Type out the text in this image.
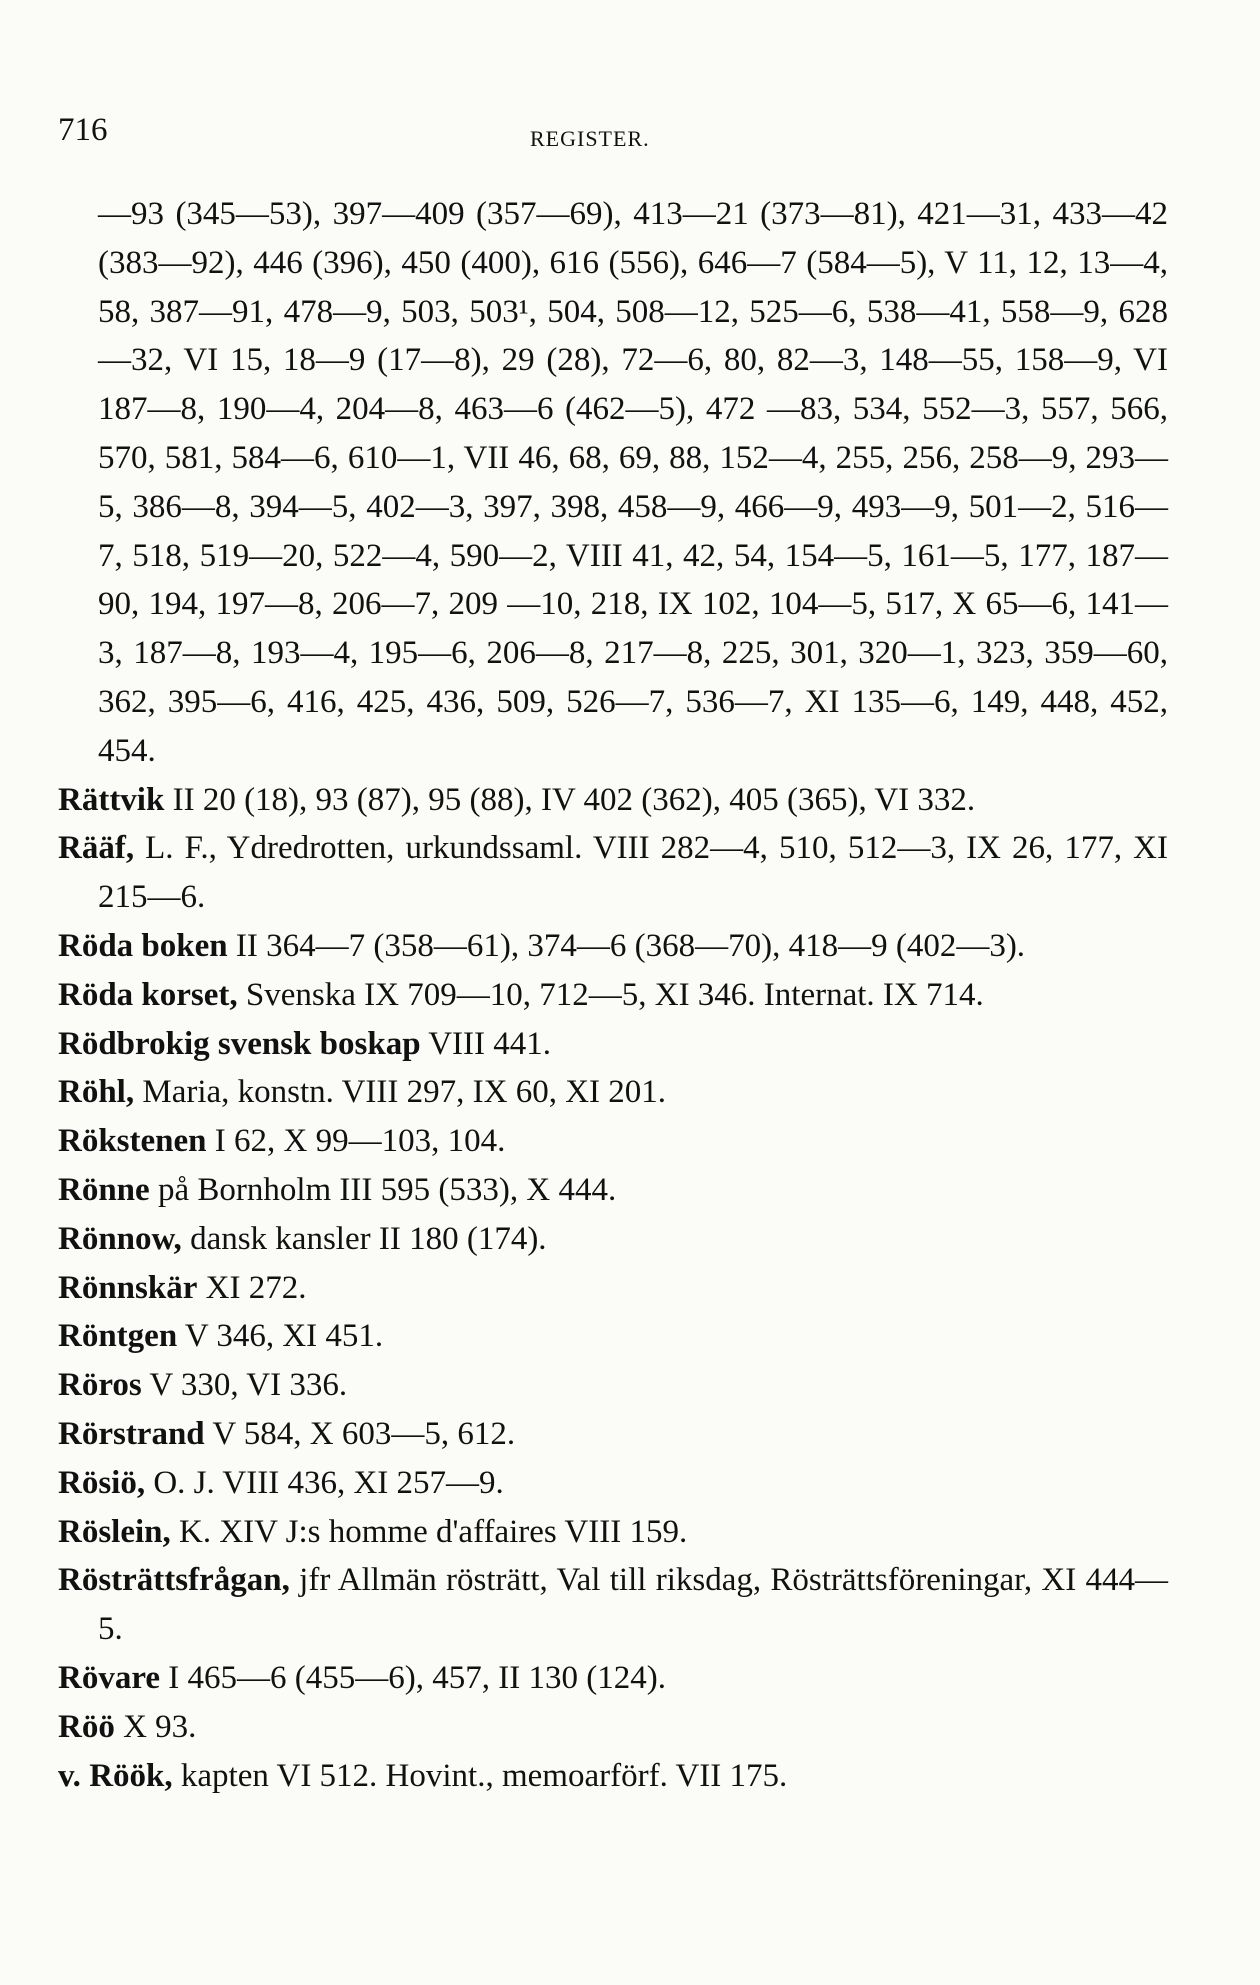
716	REGISTER.
—93 (345—53), 397—409 (357—69), 413—21 (373—81), 421—31, 433—42 (383—92), 446 (396), 450 (400), 616 (556), 646—7 (584—5), V 11, 12, 13—4, 58, 387—91, 478—9, 503, 503¹, 504, 508—12, 525—6, 538—41, 558—9, 628—32, VI 15, 18—9 (17—8), 29 (28), 72—6, 80, 82—3, 148—55, 158—9, VI 187—8, 190—4, 204—8, 463—6 (462—5), 472 —83, 534, 552—3, 557, 566, 570, 581, 584—6, 610—1, VII 46, 68, 69, 88, 152—4, 255, 256, 258—9, 293—5, 386—8, 394—5, 402—3, 397, 398, 458—9, 466—9, 493—9, 501—2, 516—7, 518, 519—20, 522—4, 590—2, VIII 41, 42, 54, 154—5, 161—5, 177, 187—90, 194, 197—8, 206—7, 209 —10, 218, IX 102, 104—5, 517, X 65—6, 141—3, 187—8, 193—4, 195—6, 206—8, 217—8, 225, 301, 320—1, 323, 359—60, 362, 395—6, 416, 425, 436, 509, 526—7, 536—7, XI 135—6, 149, 448, 452, 454.
Rättvik II 20 (18), 93 (87), 95 (88), IV 402 (362), 405 (365), VI 332.
Rääf, L. F., Ydredrotten, urkundssaml. VIII 282—4, 510, 512—3, IX 26, 177, XI 215—6.
Röda boken II 364—7 (358—61), 374—6 (368—70), 418—9 (402—3).
Röda korset, Svenska IX 709—10, 712—5, XI 346. Internat. IX 714.
Rödbrokig svensk boskap VIII 441.
Röhl, Maria, konstn. VIII 297, IX 60, XI 201.
Rökstenen I 62, X 99—103, 104.
Rönne på Bornholm III 595 (533), X 444.
Rönnow, dansk kansler II 180 (174).
Rönnskär XI 272.
Röntgen V 346, XI 451.
Röros V 330, VI 336.
Rörstrand V 584, X 603—5, 612.
Rösiö, O. J. VIII 436, XI 257—9.
Röslein, K. XIV J:s homme d'affaires VIII 159.
Rösträttsfrågan, jfr Allmän rösträtt, Val till riksdag, Rösträttsföreningar, XI 444—5.
Rövare I 465—6 (455—6), 457, II 130 (124).
Röö X 93.
v. Röök, kapten VI 512. Hovint., memoarförf. VII 175.
